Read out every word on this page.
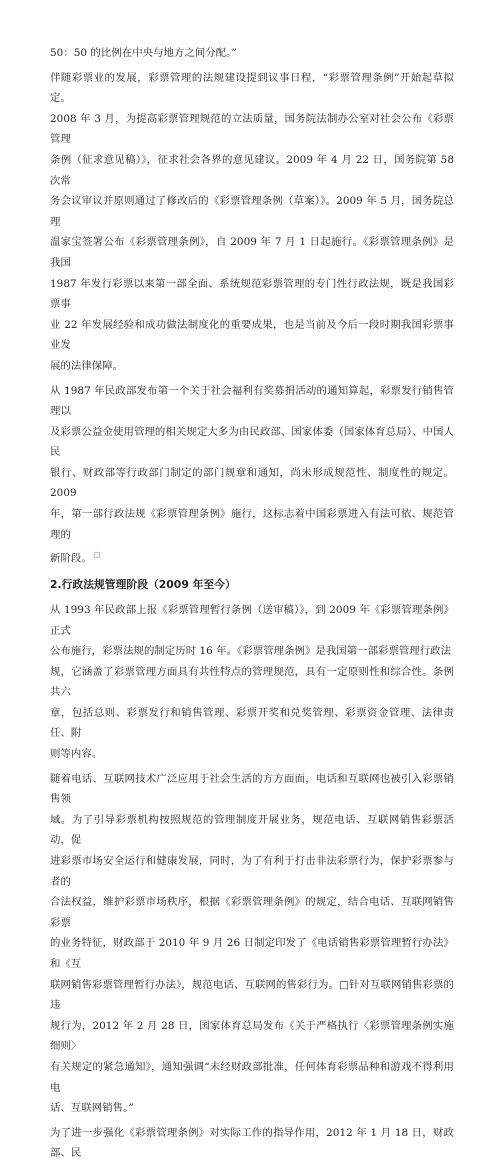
50：50 的比例在中央与地方之间分配。”
伴随彩票业的发展，彩票管理的法规建设提到议事日程，“彩票管理条例”开始起草拟定。
2008 年 3 月，为提高彩票管理规范的立法质量，国务院法制办公室对社会公布《彩票管理
条例（征求意见稿）》，征求社会各界的意见建议。2009 年 4 月 22 日，国务院第 58 次常
务会议审议并原则通过了修改后的《彩票管理条例（草案）》。2009 年 5 月，国务院总理
温家宝签署公布《彩票管理条例》，自 2009 年 7 月 1 日起施行。《彩票管理条例》是我国
1987 年发行彩票以来第一部全面、系统规范彩票管理的专门性行政法规，既是我国彩票事
业 22 年发展经验和成功做法制度化的重要成果，也是当前及今后一段时期我国彩票事业发
展的法律保障。
从 1987 年民政部发布第一个关于社会福利有奖募捐活动的通知算起，彩票发行销售管理以
及彩票公益金使用管理的相关规定大多为由民政部、国家体委（国家体育总局）、中国人民
银行、财政部等行政部门制定的部门规章和通知，尚未形成规范性、制度性的规定。2009
年，第一部行政法规《彩票管理条例》施行，这标志着中国彩票进入有法可依、规范管理的
新阶段。 □
2.行政法规管理阶段（2009 年至今）
从 1993 年民政部上报《彩票管理暂行条例（送审稿）》，到 2009 年《彩票管理条例》正式
公布施行，彩票法规的制定历时 16 年。《彩票管理条例》是我国第一部彩票管理行政法
规，它涵盖了彩票管理方面具有共性特点的管理规范，具有一定原则性和综合性。条例共六
章，包括总则、彩票发行和销售管理、彩票开奖和兑奖管理、彩票资金管理、法律责任、附
则等内容。
随着电话、互联网技术广泛应用于社会生活的方方面面，电话和互联网也被引入彩票销售领
域。为了引导彩票机构按照规范的管理制度开展业务，规范电话、互联网销售彩票活动，促
进彩票市场安全运行和健康发展，同时，为了有利于打击非法彩票行为，保护彩票参与者的
合法权益，维护彩票市场秩序，根据《彩票管理条例》的规定，结合电话、互联网销售彩票
的业务特征，财政部于 2010 年 9 月 26 日制定印发了《电话销售彩票管理暂行办法》和《互
联网销售彩票管理暂行办法》，规范电话、互联网的售彩行为。□针对互联网销售彩票的违
规行为，2012 年 2 月 28 日，国家体育总局发布《关于严格执行〈彩票管理条例实施细则〉
有关规定的紧急通知》，通知强调“未经财政部批准，任何体育彩票品种和游戏不得利用电
话、互联网销售。”
为了进一步强化《彩票管理条例》对实际工作的指导作用，2012 年 1 月 18 日，财政部、民
